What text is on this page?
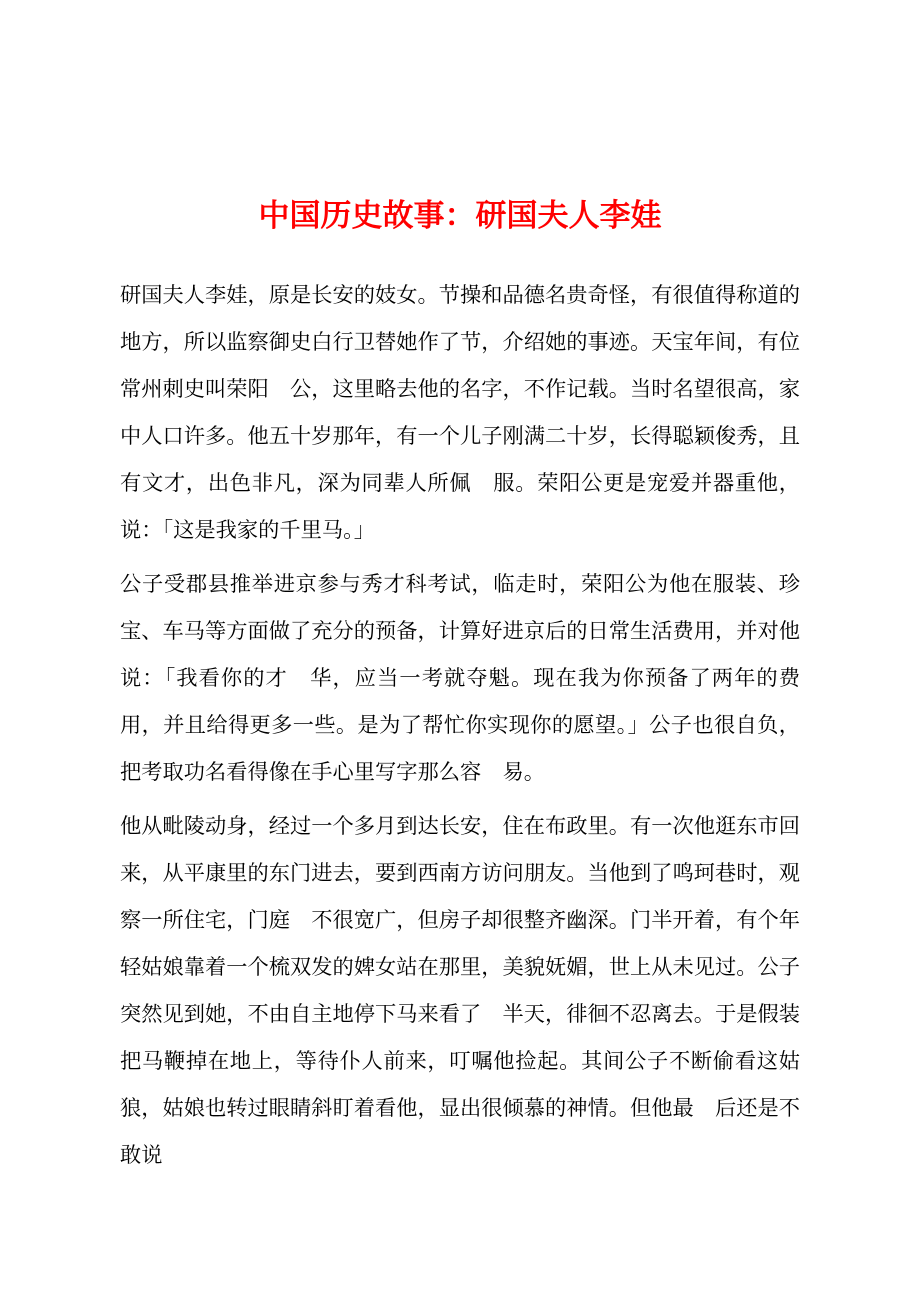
中国历史故事：研国夫人李娃

研国夫人李娃，原是长安的妓女。节操和品德名贵奇怪，有很值得称道的地方，所以监察御史白行卫替她作了节，介绍她的事迹。天宝年间，有位常州刺史叫荣阳　公，这里略去他的名字，不作记载。当时名望很高，家中人口许多。他五十岁那年，有一个儿子刚满二十岁，长得聪颖俊秀，且有文才，出色非凡，深为同辈人所佩　服。荣阳公更是宠爱并器重他，说：「这是我家的千里马。」

公子受郡县推举进京参与秀才科考试，临走时，荣阳公为他在服装、珍宝、车马等方面做了充分的预备，计算好进京后的日常生活费用，并对他说：「我看你的才　华，应当一考就夺魁。现在我为你预备了两年的费用，并且给得更多一些。是为了帮忙你实现你的愿望。」公子也很自负，把考取功名看得像在手心里写字那么容　易。

他从毗陵动身，经过一个多月到达长安，住在布政里。有一次他逛东市回来，从平康里的东门进去，要到西南方访问朋友。当他到了鸣珂巷时，观察一所住宅，门庭　不很宽广，但房子却很整齐幽深。门半开着，有个年轻姑娘靠着一个梳双发的婢女站在那里，美貌妩媚，世上从未见过。公子突然见到她，不由自主地停下马来看了　半天，徘徊不忍离去。于是假装把马鞭掉在地上，等待仆人前来，叮嘱他捡起。其间公子不断偷看这姑狼，姑娘也转过眼睛斜盯着看他，显出很倾慕的神情。但他最　后还是不敢说
